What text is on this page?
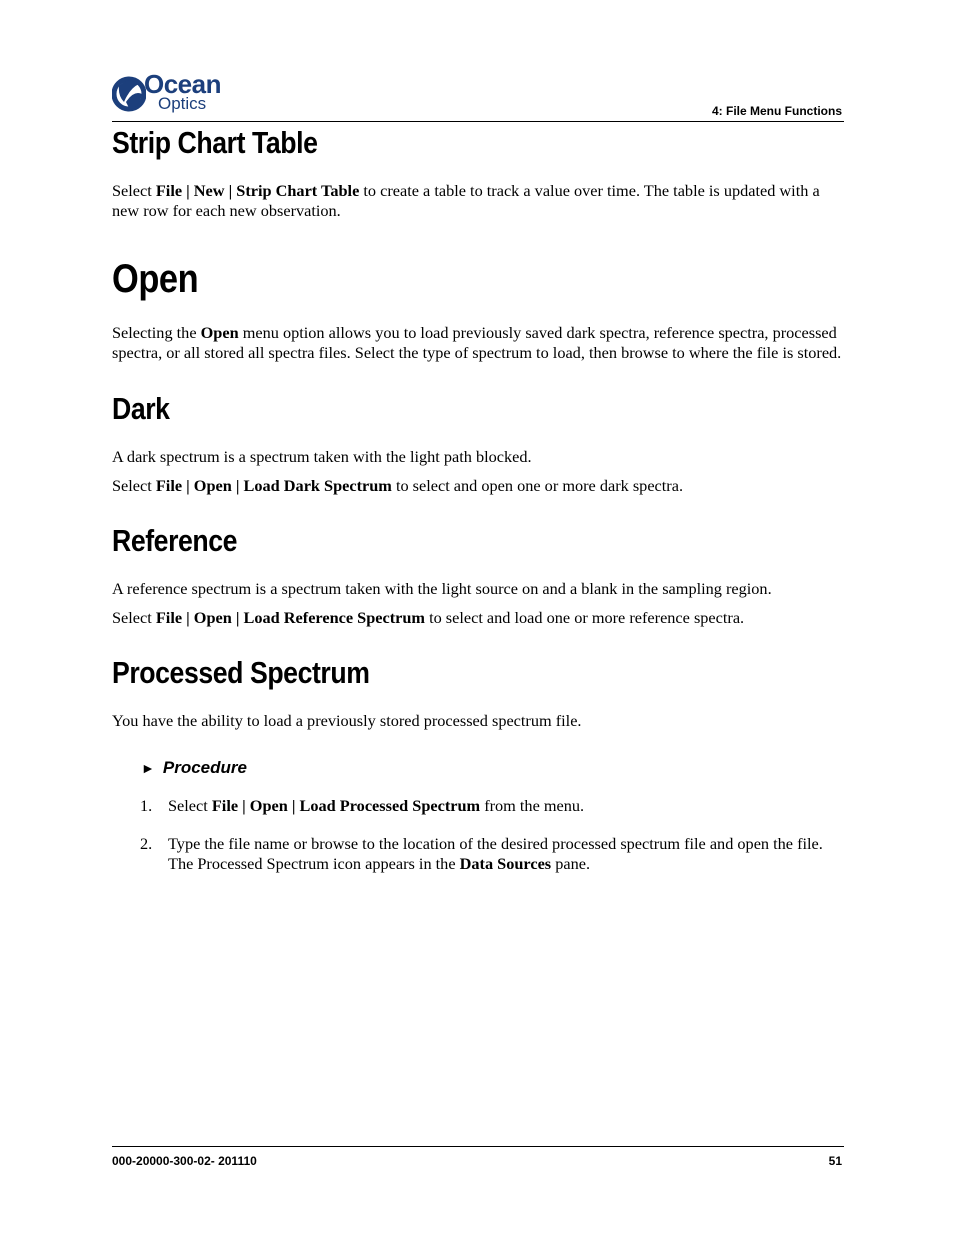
Ocean
Optics	4: File Menu Functions
Strip Chart Table

Select File | New | Strip Chart Table to create a table to track a value over time. The table is updated with a new row for each new observation.

Open

Selecting the Open menu option allows you to load previously saved dark spectra, reference spectra, processed spectra, or all stored all spectra files. Select the type of spectrum to load, then browse to where the file is stored.

Dark

A dark spectrum is a spectrum taken with the light path blocked.

Select File | Open | Load Dark Spectrum to select and open one or more dark spectra.

Reference

A reference spectrum is a spectrum taken with the light source on and a blank in the sampling region.

Select File | Open | Load Reference Spectrum to select and load one or more reference spectra.

Processed Spectrum

You have the ability to load a previously stored processed spectrum file.

► Procedure
1. Select File | Open | Load Processed Spectrum from the menu.
2. Type the file name or browse to the location of the desired processed spectrum file and open the file. The Processed Spectrum icon appears in the Data Sources pane.
000-20000-300-02- 201110	51
